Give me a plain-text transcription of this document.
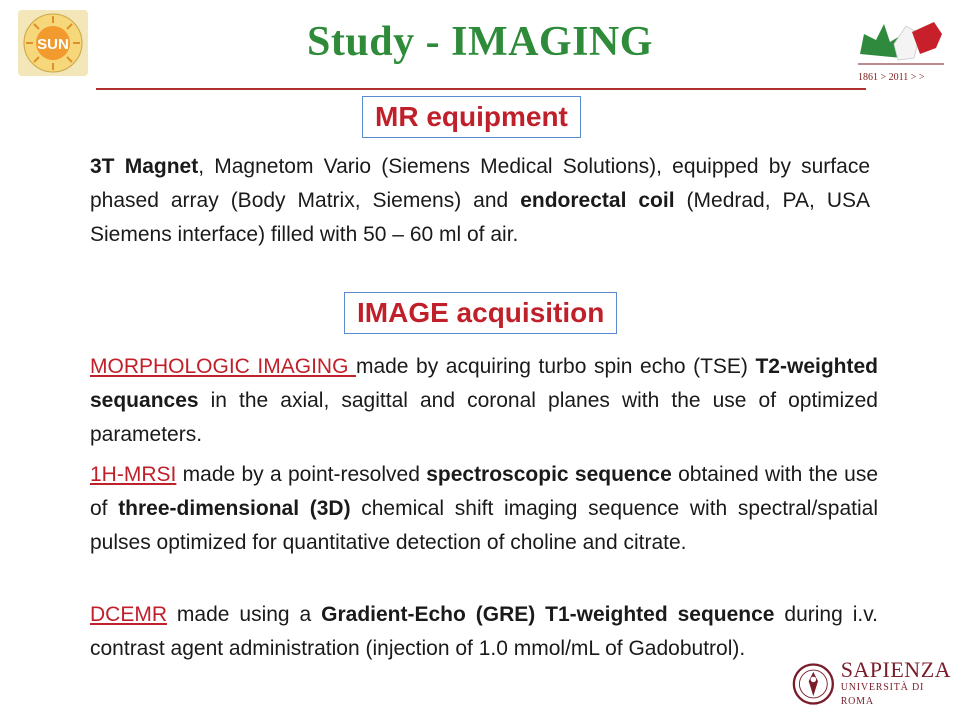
SUN	Study - IMAGING
1861 > 2011 > >
MR equipment
3T Magnet, Magnetom Vario (Siemens Medical Solutions), equipped by surface phased array (Body Matrix, Siemens) and endorectal coil (Medrad, PA, USA Siemens interface) filled with 50 – 60 ml of air.
IMAGE acquisition
MORPHOLOGIC IMAGING made by acquiring turbo spin echo (TSE) T2-weighted sequances in the axial, sagittal and coronal planes with the use of optimized parameters.
1H-MRSI made by a point-resolved spectroscopic sequence obtained with the use of three-dimensional (3D) chemical shift imaging sequence with spectral/spatial pulses optimized for quantitative detection of choline and citrate.
DCEMR made using a Gradient-Echo (GRE) T1-weighted sequence during i.v. contrast agent administration (injection of 1.0 mmol/mL of Gadobutrol).
SAPIENZA
UNIVERSITÀ DI ROMA
